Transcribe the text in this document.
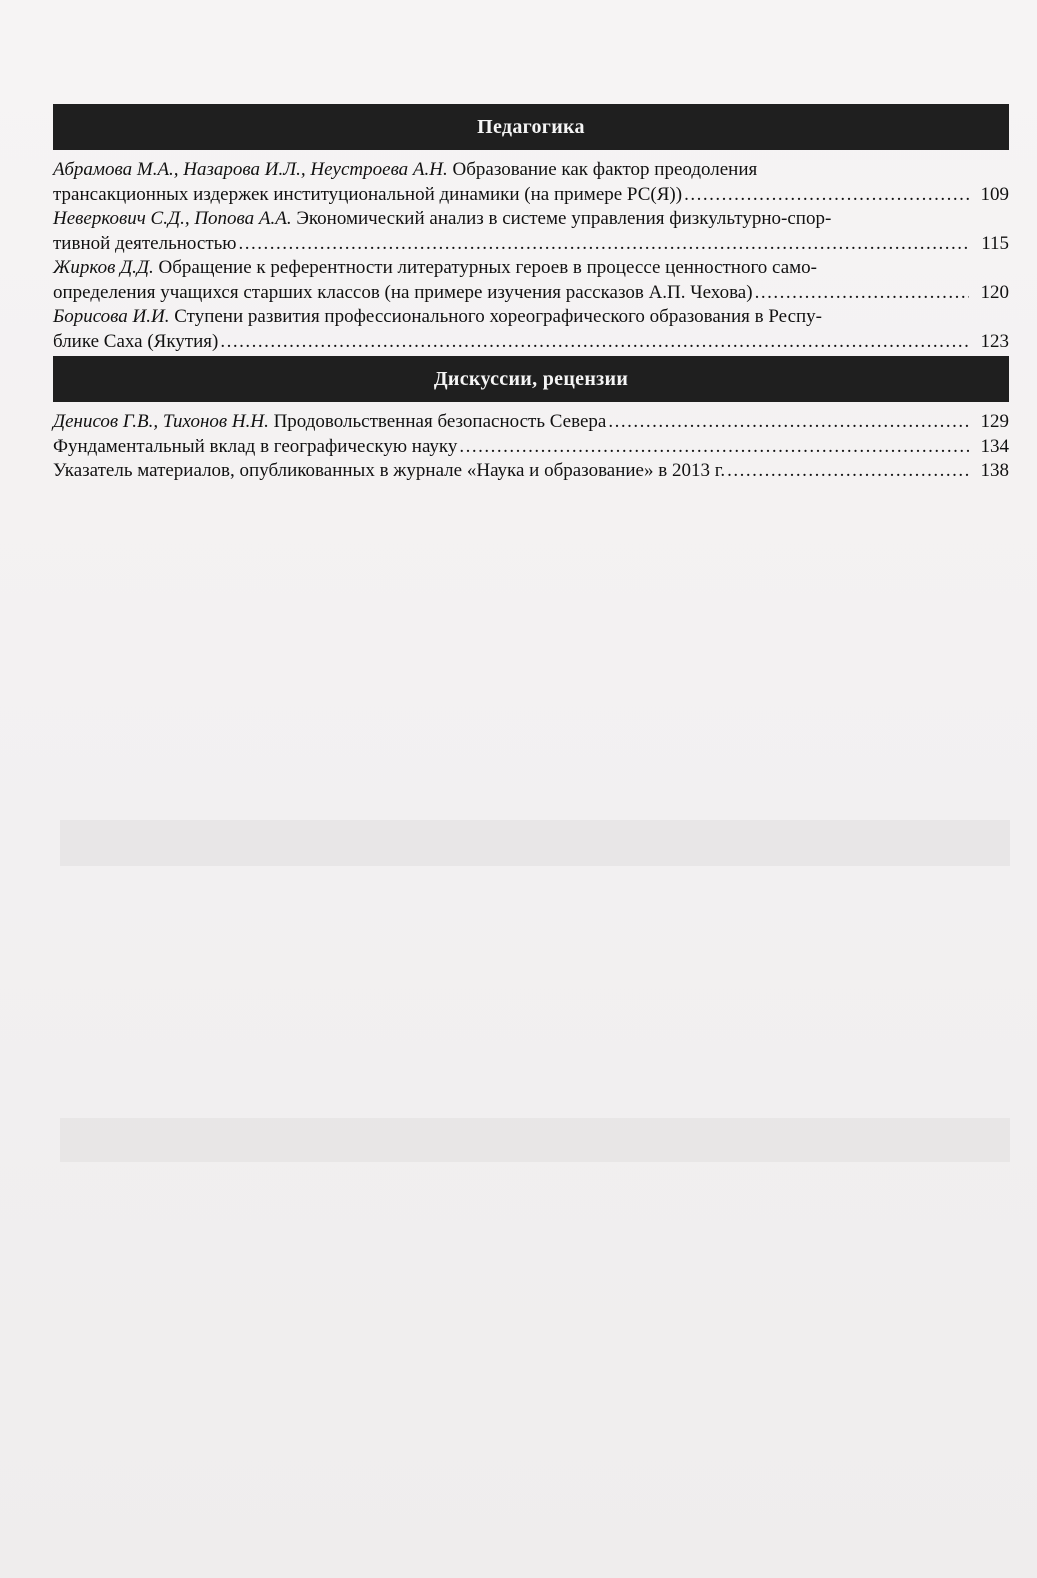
Педагогика
Абрамова М.А., Назарова И.Л., Неустроева А.Н. Образование как фактор преодоления
трансакционных издержек институциональной динамики (на примере РС(Я)) .....	109
Неверкович С.Д., Попова А.А. Экономический анализ в системе управления физкультурно-спор-
тивной деятельностью .....	115
Жирков Д.Д. Обращение к референтности литературных героев в процессе ценностного само-
определения учащихся старших классов (на примере изучения рассказов А.П. Чехова) .....	120
Борисова И.И. Ступени развития профессионального хореографического образования в Респу-
блике Саха (Якутия) .....	123
Дискуссии, рецензии
Денисов Г.В., Тихонов Н.Н. Продовольственная безопасность Севера .....	129
Фундаментальный вклад в географическую науку .....	134
Указатель материалов, опубликованных в журнале «Наука и образование» в 2013 г. .....	138
